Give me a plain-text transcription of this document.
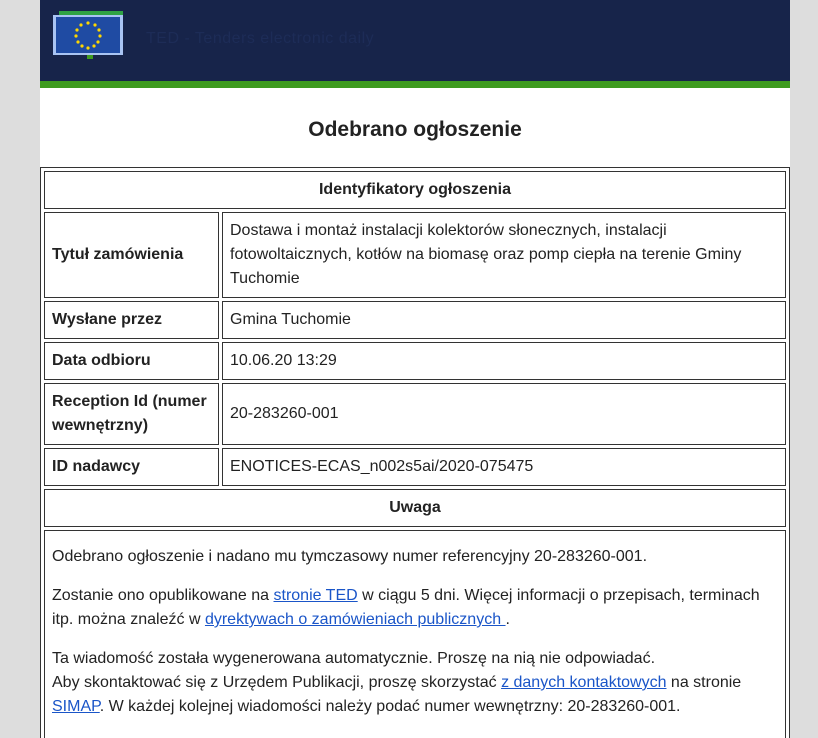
TED - Tenders electronic daily
Odebrano ogłoszenie
Identyfikatory ogłoszenia	
Tytuł zamówienia	Dostawa i montaż instalacji kolektorów słonecznych, instalacji fotowoltaicznych, kotłów na biomasę oraz pomp ciepła na terenie Gminy Tuchomie
Wysłane przez	Gmina Tuchomie
Data odbioru	10.06.20 13:29
Reception Id (numer wewnętrzny)	20-283260-001
ID nadawcy	ENOTICES-ECAS_n002s5ai/2020-075475
Uwaga	

Odebrano ogłoszenie i nadano mu tymczasowy numer referencyjny 20-283260-001.

Zostanie ono opublikowane na stronie TED w ciągu 5 dni. Więcej informacji o przepisach, terminach itp. można znaleźć w dyrektywach o zamówieniach publicznych .

Ta wiadomość została wygenerowana automatycznie. Proszę na nią nie odpowiadać.
Aby skontaktować się z Urzędem Publikacji, proszę skorzystać z danych kontaktowych na stronie SIMAP. W każdej kolejnej wiadomości należy podać numer wewnętrzny: 20-283260-001.	
